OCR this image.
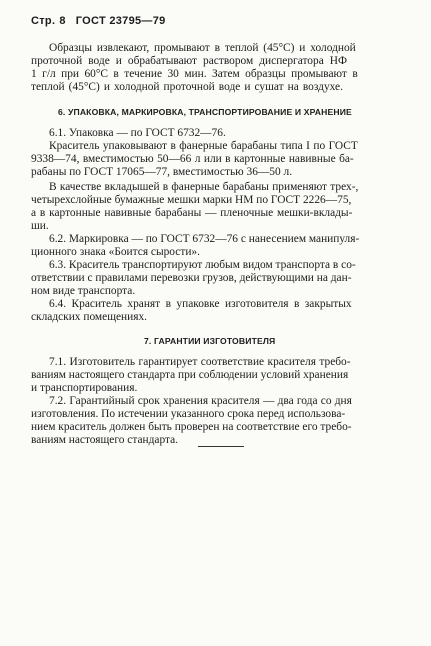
Стр. 8 ГОСТ 23795—79
Образцы извлекают, промывают в теплой (45°С) и холодной
проточной воде и обрабатывают раствором диспергатора НФ
1 г/л при 60°С в течение 30 мин. Затем образцы промывают в
теплой (45°С) и холодной проточной воде и сушат на воздухе.
6. УПАКОВКА, МАРКИРОВКА, ТРАНСПОРТИРОВАНИЕ И ХРАНЕНИЕ
6.1. Упаковка — по ГОСТ 6732—76.
Краситель упаковывают в фанерные барабаны типа I по ГОСТ
9338—74, вместимостью 50—66 л или в картонные навивные ба-
рабаны по ГОСТ 17065—77, вместимостью 36—50 л.
В качестве вкладышей в фанерные барабаны применяют трех-,
четырехслойные бумажные мешки марки НМ по ГОСТ 2226—75,
а в картонные навивные барабаны — пленочные мешки-вклады-
ши.
6.2. Маркировка — по ГОСТ 6732—76 с нанесением манипуля-
ционного знака «Боится сырости».
6.3. Краситель транспортируют любым видом транспорта в со-
ответствии с правилами перевозки грузов, действующими на дан-
ном виде транспорта.
6.4. Краситель хранят в упаковке изготовителя в закрытых
складских помещениях.
7. ГАРАНТИИ ИЗГОТОВИТЕЛЯ
7.1. Изготовитель гарантирует соответствие красителя требо-
ваниям настоящего стандарта при соблюдении условий хранения
и транспортирования.
7.2. Гарантийный срок хранения красителя — два года со дня
изготовления. По истечении указанного срока перед использова-
нием краситель должен быть проверен на соответствие его требо-
ваниям настоящего стандарта.
